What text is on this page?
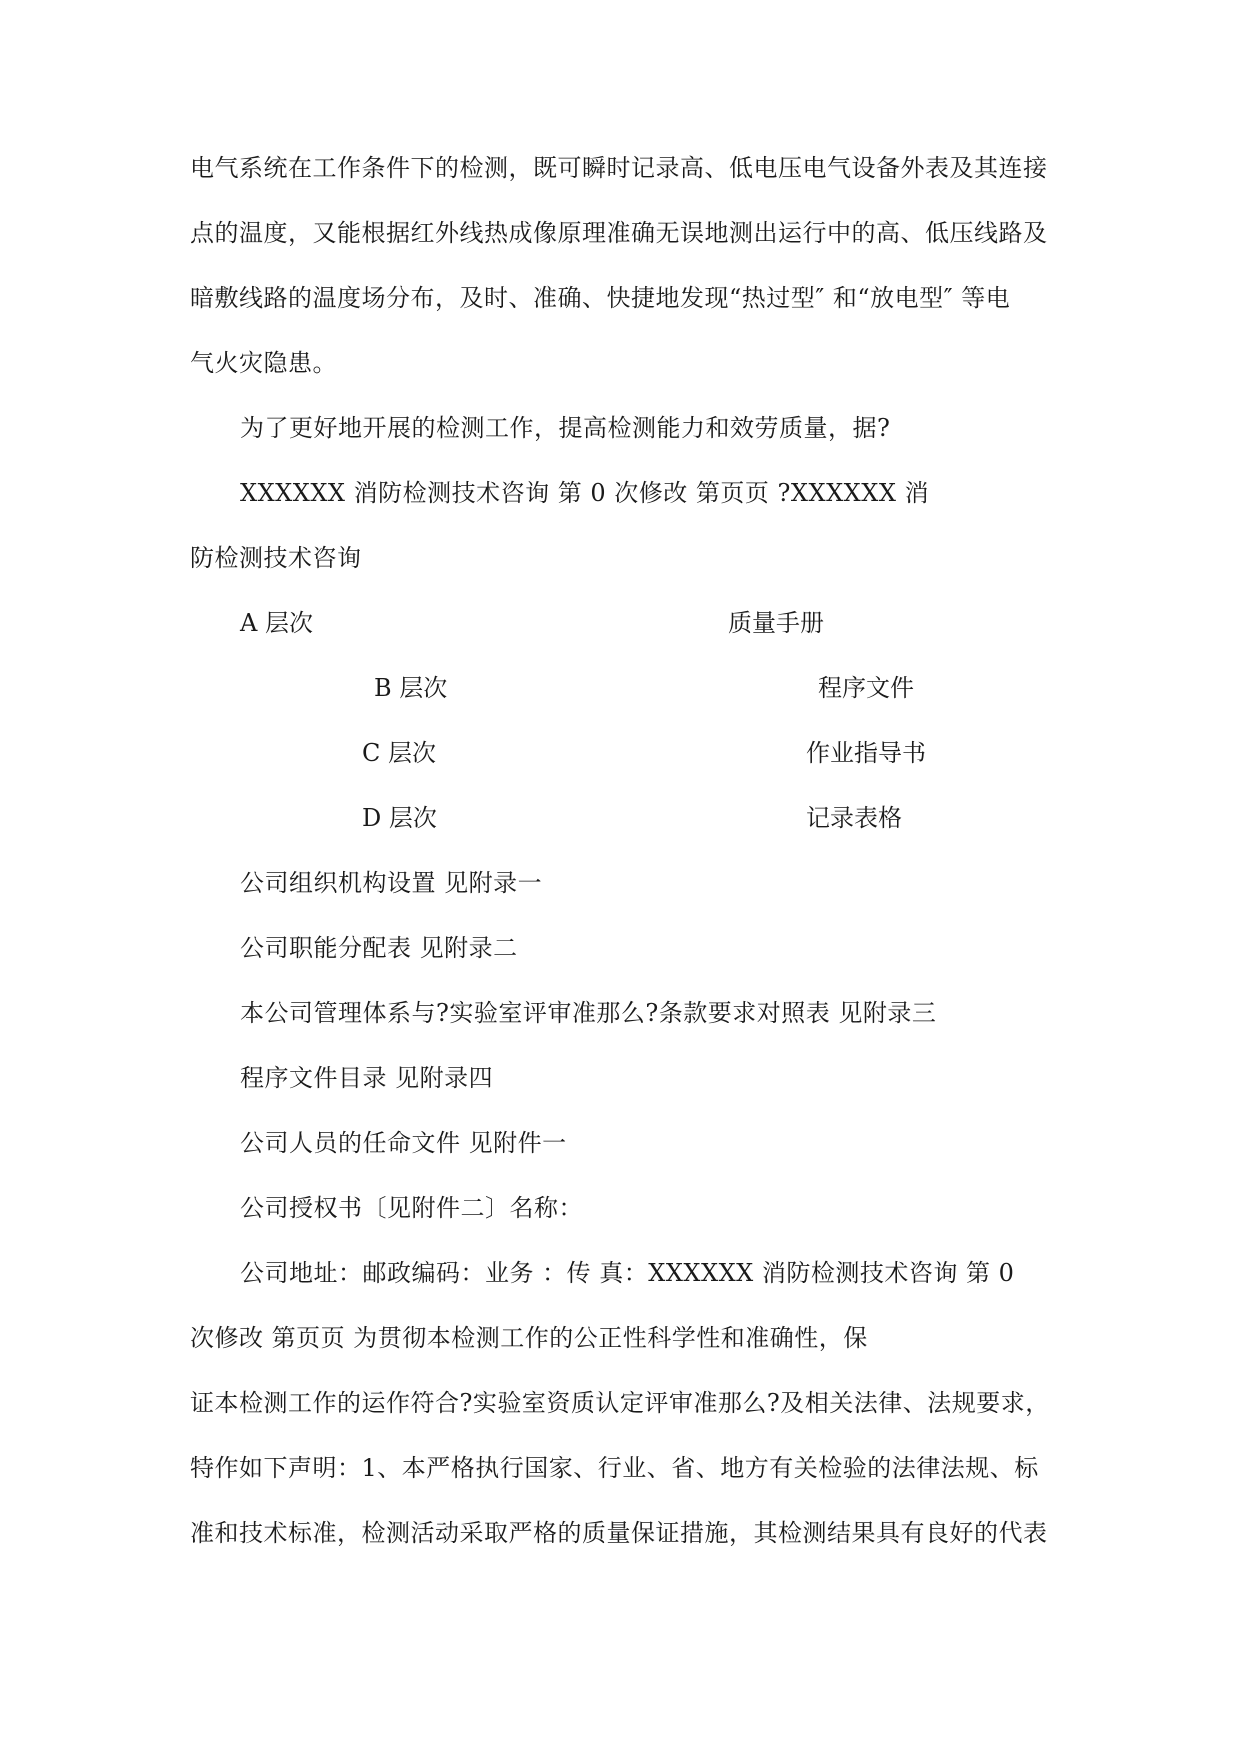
电气系统在工作条件下的检测，既可瞬时记录高、低电压电气设备外表及其连接
点的温度，又能根据红外线热成像原理准确无误地测出运行中的高、低压线路及
暗敷线路的温度场分布，及时、准确、快捷地发现“热过型″ 和“放电型″ 等电
气火灾隐患。
为了更好地开展的检测工作，提高检测能力和效劳质量，据?
XXXXXX 消防检测技术咨询 第 0 次修改 第页页 ?XXXXXX 消
防检测技术咨询
A 层次	质量手册
B 层次	程序文件
C 层次	作业指导书
D 层次	记录表格
公司组织机构设置 见附录一
公司职能分配表 见附录二
本公司管理体系与?实验室评审准那么?条款要求对照表 见附录三
程序文件目录 见附录四
公司人员的任命文件 见附件一
公司授权书〔见附件二〕名称：
公司地址：邮政编码：业务 ：传 真：XXXXXX 消防检测技术咨询 第 0
次修改 第页页 为贯彻本检测工作的公正性科学性和准确性，保
证本检测工作的运作符合?实验室资质认定评审准那么?及相关法律、法规要求，
特作如下声明：1、本严格执行国家、行业、省、地方有关检验的法律法规、标
准和技术标准，检测活动采取严格的质量保证措施，其检测结果具有良好的代表
